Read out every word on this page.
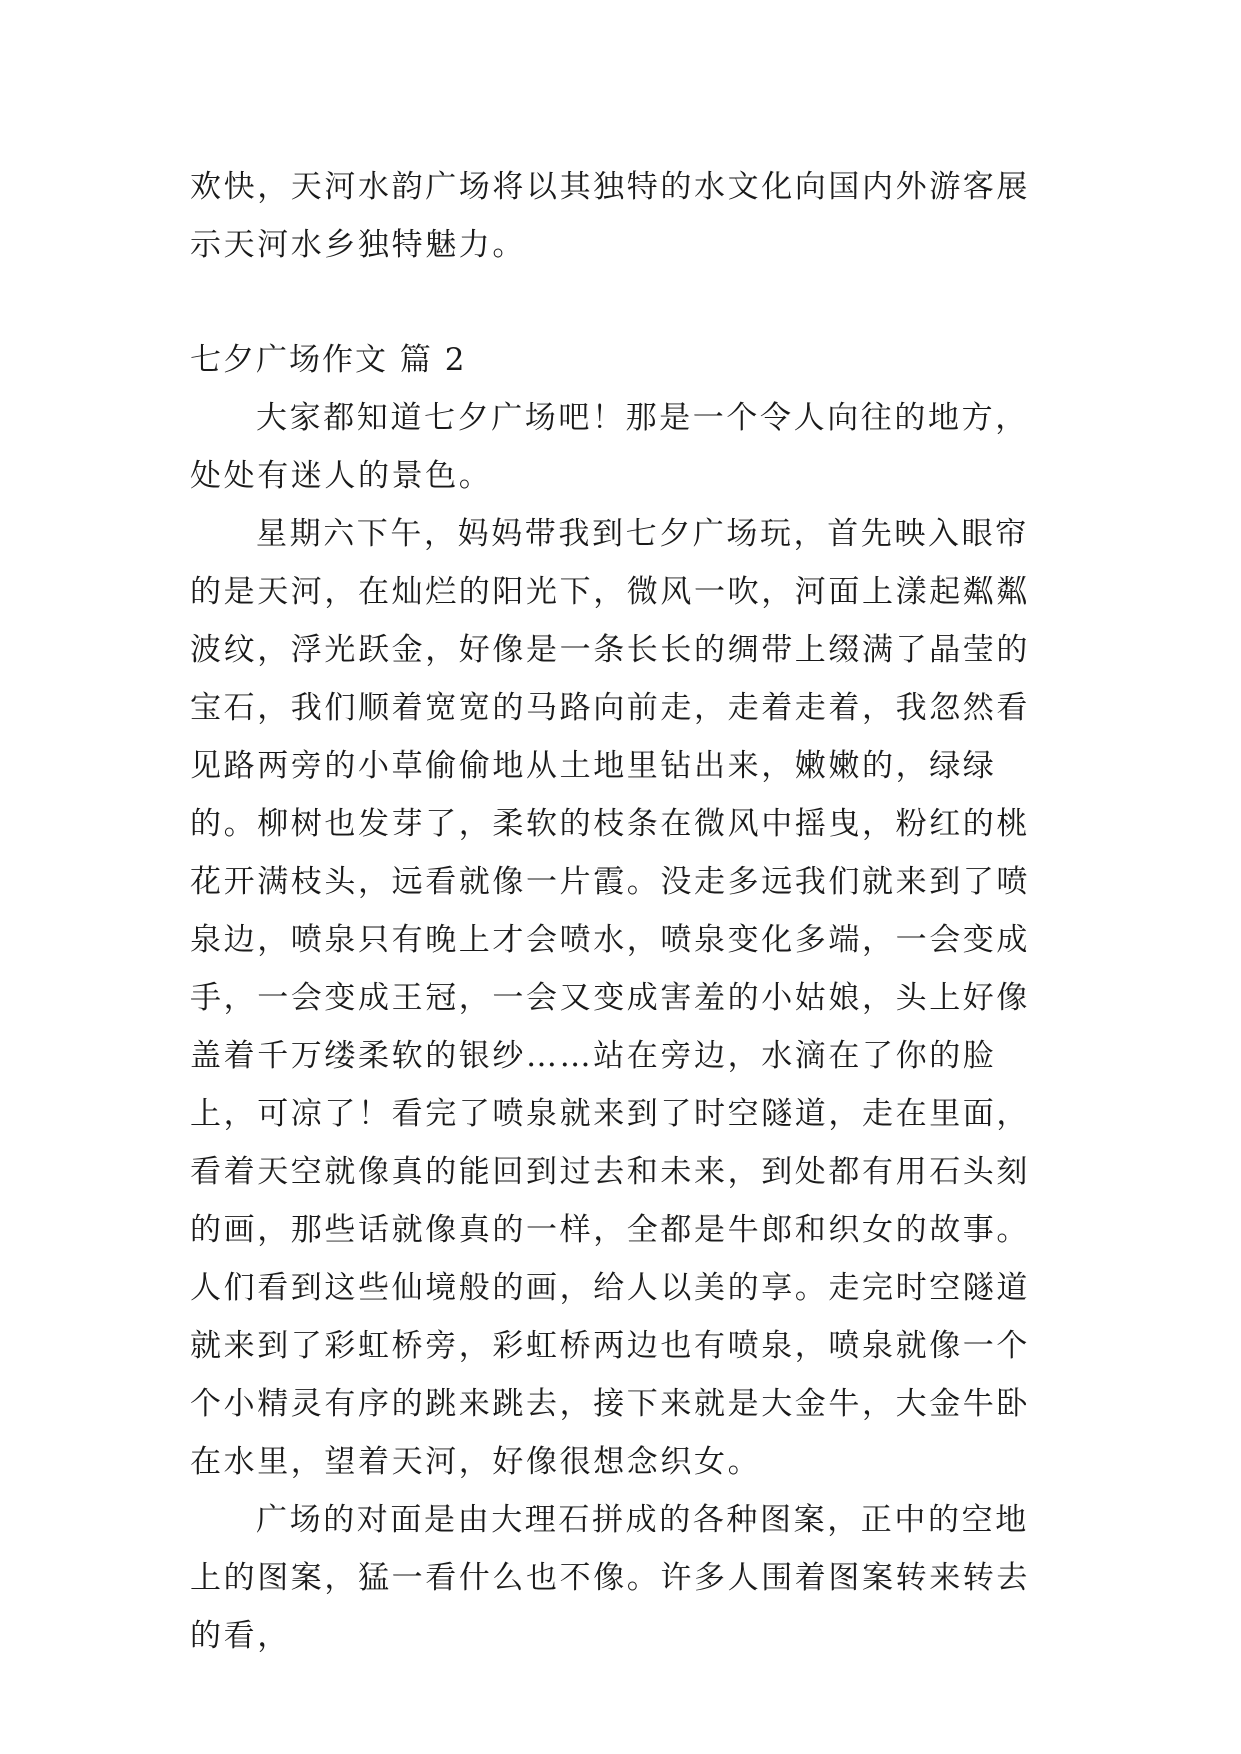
欢快，天河水韵广场将以其独特的水文化向国内外游客展示天河水乡独特魅力。

七夕广场作文 篇 2

大家都知道七夕广场吧！那是一个令人向往的地方，处处有迷人的景色。

星期六下午，妈妈带我到七夕广场玩，首先映入眼帘的是天河，在灿烂的阳光下，微风一吹，河面上漾起粼粼波纹，浮光跃金，好像是一条长长的绸带上缀满了晶莹的宝石，我们顺着宽宽的马路向前走，走着走着，我忽然看见路两旁的小草偷偷地从土地里钻出来，嫩嫩的，绿绿的。柳树也发芽了，柔软的枝条在微风中摇曳，粉红的桃花开满枝头，远看就像一片霞。没走多远我们就来到了喷泉边，喷泉只有晚上才会喷水，喷泉变化多端，一会变成手，一会变成王冠，一会又变成害羞的小姑娘，头上好像盖着千万缕柔软的银纱……站在旁边，水滴在了你的脸上，可凉了！看完了喷泉就来到了时空隧道，走在里面，看着天空就像真的能回到过去和未来，到处都有用石头刻的画，那些话就像真的一样，全都是牛郎和织女的故事。人们看到这些仙境般的画，给人以美的享。走完时空隧道就来到了彩虹桥旁，彩虹桥两边也有喷泉，喷泉就像一个个小精灵有序的跳来跳去，接下来就是大金牛，大金牛卧在水里，望着天河，好像很想念织女。

广场的对面是由大理石拼成的各种图案，正中的空地上的图案，猛一看什么也不像。许多人围着图案转来转去的看，
